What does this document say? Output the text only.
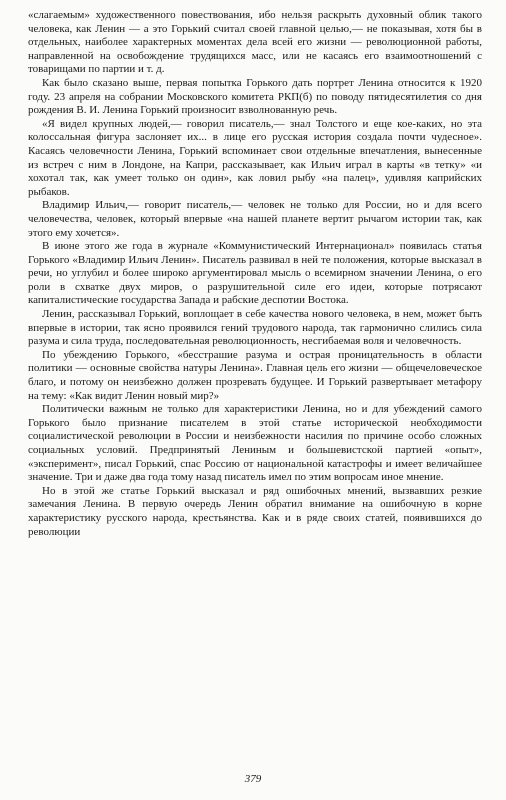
«слагаемым» художественного повествования, ибо нельзя раскрыть духовный облик такого человека, как Ленин — а это Горький считал своей главной целью,— не показывая, хотя бы в отдельных, наиболее характерных моментах дела всей его жизни — революционной работы, направленной на освобождение трудящихся масс, или не касаясь его взаимоотношений с товарищами по партии и т. д.

Как было сказано выше, первая попытка Горького дать портрет Ленина относится к 1920 году. 23 апреля на собрании Московского комитета РКП(б) по поводу пятидесятилетия со дня рождения В. И. Ленина Горький произносит взволнованную речь.

«Я видел крупных людей,— говорил писатель,— знал Толстого и еще кое-каких, но эта колоссальная фигура заслоняет их... в лице его русская история создала почти чудесное». Касаясь человечности Ленина, Горький вспоминает свои отдельные впечатления, вынесенные из встреч с ним в Лондоне, на Капри, рассказывает, как Ильич играл в карты «в тетку» «и хохотал так, как умеет только он один», как ловил рыбу «на палец», удивляя каприйских рыбаков.

Владимир Ильич,— говорит писатель,— человек не только для России, но и для всего человечества, человек, который впервые «на нашей планете вертит рычагом истории так, как этого ему хочется».

В июне этого же года в журнале «Коммунистический Интернационал» появилась статья Горького «Владимир Ильич Ленин». Писатель развивал в ней те положения, которые высказал в речи, но углубил и более широко аргументировал мысль о всемирном значении Ленина, о его роли в схватке двух миров, о разрушительной силе его идеи, которые потрясают капиталистические государства Запада и рабские деспотии Востока.

Ленин, рассказывал Горький, воплощает в себе качества нового человека, в нем, может быть впервые в истории, так ясно проявился гений трудового народа, так гармонично слились сила разума и сила труда, последовательная революционность, несгибаемая воля и человечность.

По убеждению Горького, «бесстрашие разума и острая проницательность в области политики — основные свойства натуры Ленина». Главная цель его жизни — общечеловеческое благо, и потому он неизбежно должен прозревать будущее. И Горький развертывает метафору на тему: «Как видит Ленин новый мир?»

Политически важным не только для характеристики Ленина, но и для убеждений самого Горького было признание писателем в этой статье исторической необходимости социалистической революции в России и неизбежности насилия по причине особо сложных социальных условий. Предпринятый Лениным и большевистской партией «опыт», «эксперимент», писал Горький, спас Россию от национальной катастрофы и имеет величайшее значение. Три и даже два года тому назад писатель имел по этим вопросам иное мнение.

Но в этой же статье Горький высказал и ряд ошибочных мнений, вызвавших резкие замечания Ленина. В первую очередь Ленин обратил внимание на ошибочную в корне характеристику русского народа, крестьянства. Как и в ряде своих статей, появившихся до революции

379
